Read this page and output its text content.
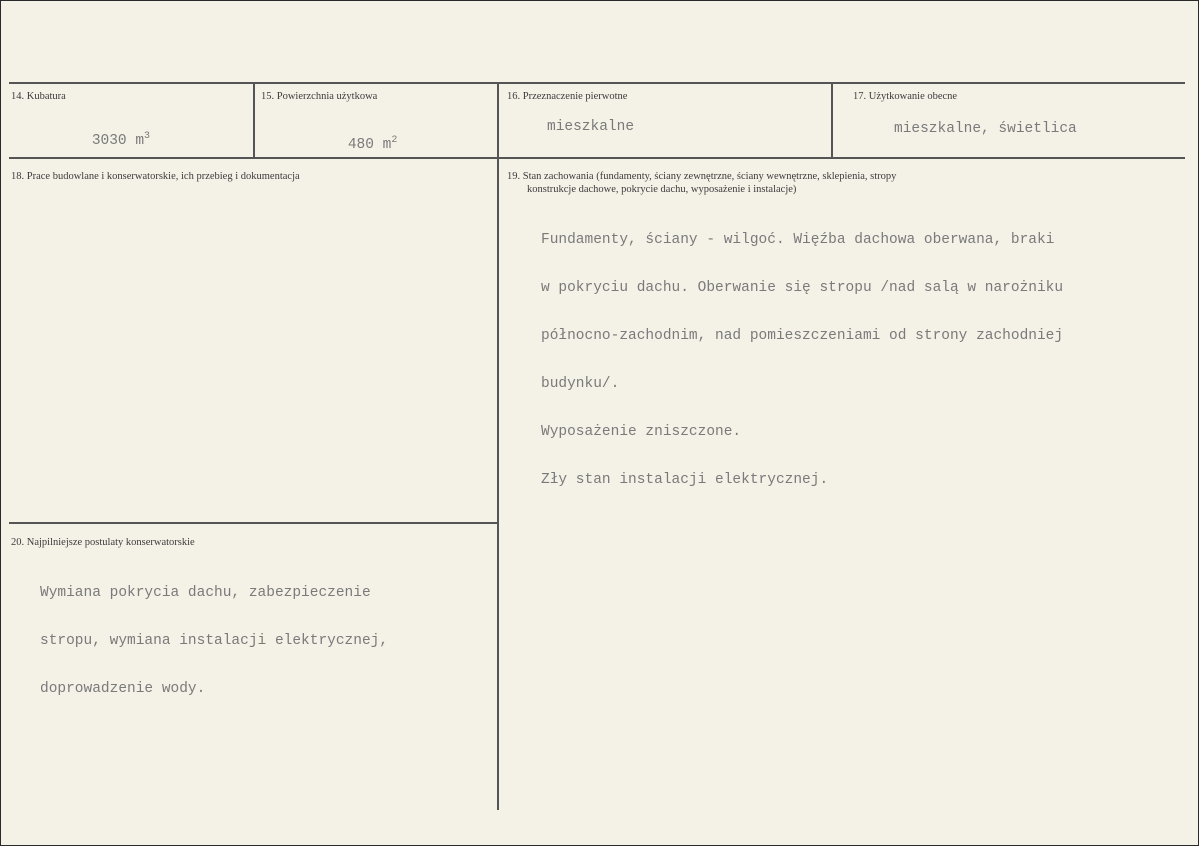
14. Kubatura

3030 $m^3$

15. Powierzchnia użytkowa

480 $m^2$

16. Przeznaczenie pierwotne
mieszkalne
17. Użytkowanie obecne
mieszkalne, świetlica
18. Prace budowlane i konserwatorskie, ich przebieg i dokumentacja	19. Stan zachowania (fundamenty, ściany zewnętrzne, ściany wewnętrzne, sklepienia, stropy
konstrukcje dachowe, pokrycie dachu, wyposażenie i instalacje)

Fundamenty, ściany - wilgoć. Więźba dachowa oberwana, braki

w pokryciu dachu. Oberwanie się stropu /nad salą w narożniku

północno-zachodnim, nad pomieszczeniami od strony zachodniej

budynku/.

Wyposażenie zniszczone.

Zły stan instalacji elektrycznej.

20. Najpilniejsze postulaty konserwatorskie

Wymiana pokrycia dachu, zabezpieczenie

stropu, wymiana instalacji elektrycznej,

doprowadzenie wody.
